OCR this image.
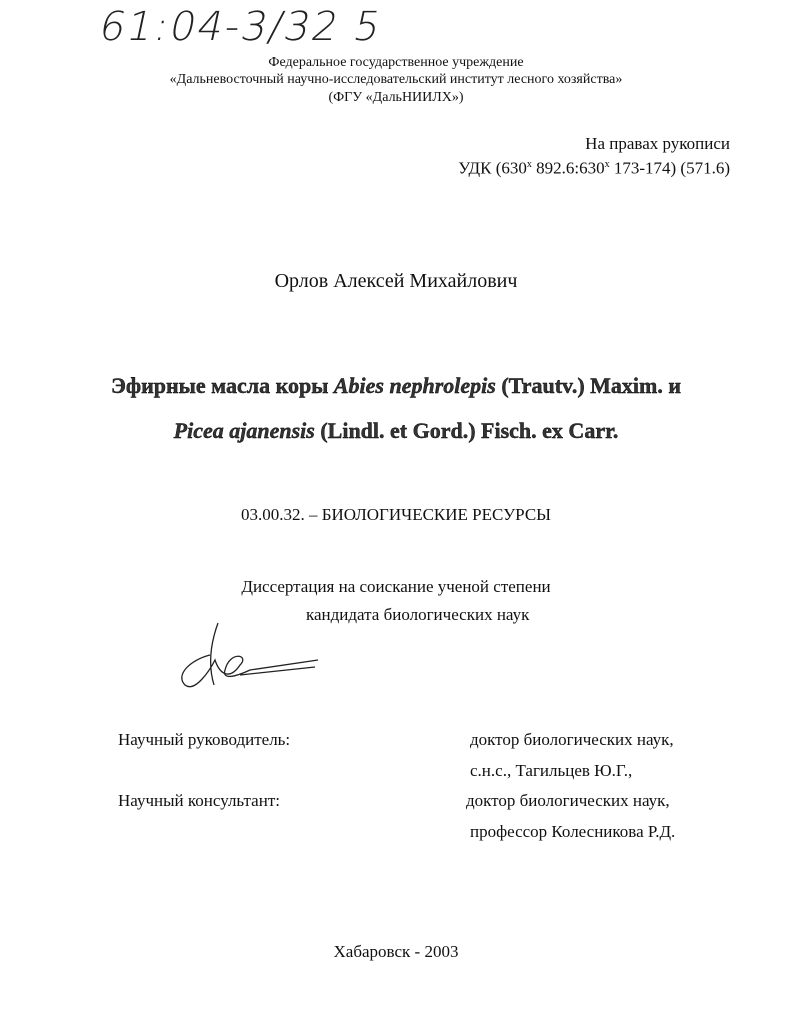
61:04-3/32 5
Федеральное государственное учреждение
«Дальневосточный научно-исследовательский институт лесного хозяйства»
(ФГУ «ДальНИИЛХ»)
На правах рукописи
УДК ($630^х$ $892.6:630^х$ 173-174) (571.6)
Орлов Алексей Михайлович
Эфирные масла коры Abies nephrolepis (Trautv.) Maxim. и
Picea ajanensis (Lindl. et Gord.) Fisch. ex Carr.
03.00.32. – БИОЛОГИЧЕСКИЕ РЕСУРСЫ
Диссертация на соискание ученой степени
кандидата биологических наук
Научный руководитель:	доктор биологических наук,
с.н.с., Тагильцев Ю.Г.,
Научный консультант:	доктор биологических наук,
профессор Колесникова Р.Д.
Хабаровск - 2003
